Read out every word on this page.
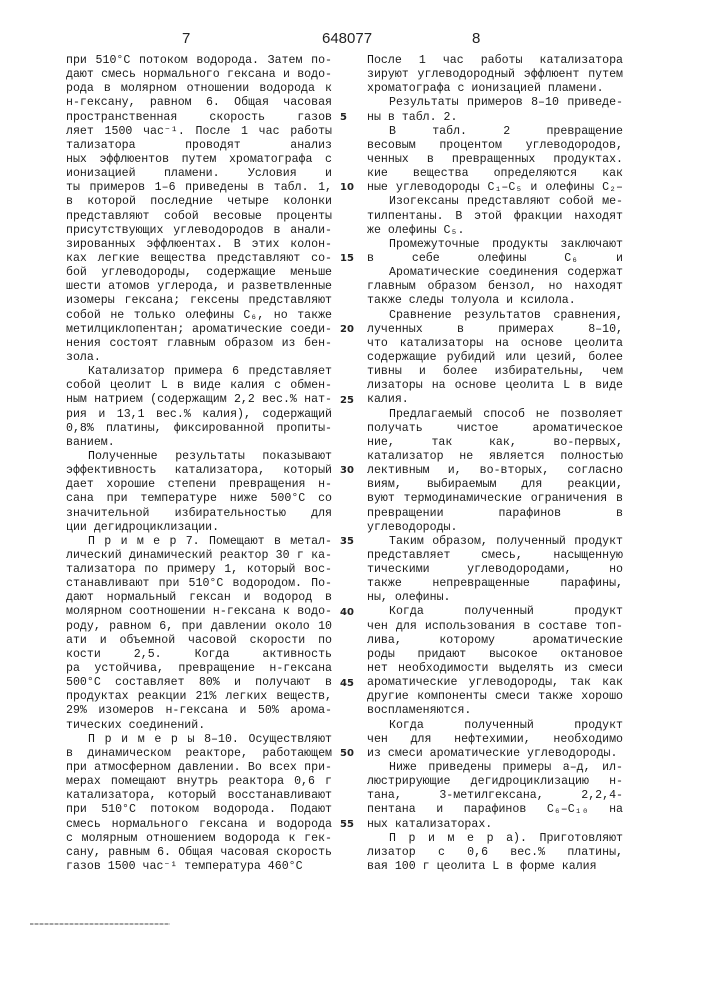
7	648077	8
при 510°C потоком водорода. Затем по-
дают смесь нормального гексана и водо-
рода в молярном отношении водорода к
н-гексану, равном 6. Общая часовая
пространственная скорость газов
ляет 1500 час⁻¹. После 1 час работы
тализатора проводят анализ
ных эффлюентов путем хроматографа с
ионизацией пламени. Условия и
ты примеров 1–6 приведены в табл. 1,
в которой последние четыре колонки
представляют собой весовые проценты
присутствующих углеводородов в анали-
зированных эффлюентах. В этих колон-
ках легкие вещества представляют со-
бой углеводороды, содержащие меньше
шести атомов углерода, и разветвленные
изомеры гексана; гексены представляют
собой не только олефины C₆, но также
метилциклопентан; ароматические соеди-
нения состоят главным образом из бен-
зола.
Катализатор примера 6 представляет
собой цеолит L в виде калия с обмен-
ным натрием (содержащим 2,2 вес.% нат-
рия и 13,1 вес.% калия), содержащий
0,8% платины, фиксированной пропиты-
ванием.
Полученные результаты показывают
эффективность катализатора, который
дает хорошие степени превращения н-
сана при температуре ниже 500°C со
значительной избирательностью для
ции дегидроциклизации.
П р и м е р 7. Помещают в метал-
лический динамический реактор 30 г ка-
тализатора по примеру 1, который вос-
станавливают при 510°C водородом. По-
дают нормальный гексан и водород в
молярном соотношении н-гексана к водо-
роду, равном 6, при давлении около 10
ати и объемной часовой скорости по
кости 2,5. Когда активность
ра устойчива, превращение н-гексана
500°C составляет 80% и получают в
продуктах реакции 21% легких веществ,
29% изомеров н-гексана и 50% арома-
тических соединений.
П р и м е р ы 8–10. Осуществляют
в динамическом реакторе, работающем
при атмосферном давлении. Во всех при-
мерах помещают внутрь реактора 0,6 г
катализатора, который восстанавливают
при 510°C потоком водорода. Подают
смесь нормального гексана и водорода
с молярным отношением водорода к гек-
сану, равным 6. Общая часовая скорость
газов 1500 час⁻¹ температура 460°C
После 1 час работы катализатора
зируют углеводородный эффлюент путем
хроматографа с ионизацией пламени.
Результаты примеров 8–10 приведе-
ны в табл. 2.
В табл. 2 превращение
весовым процентом углеводородов,
ченных в превращенных продуктах.
кие вещества определяются как
ные углеводороды C₁–C₅ и олефины C₂–
Изогексаны представляют собой ме-
тилпентаны. В этой фракции находят
же олефины C₅.
Промежуточные продукты заключают
в себе олефины C₆ и
Ароматические соединения содержат
главным образом бензол, но находят
также следы толуола и ксилола.
Сравнение результатов сравнения,
лученных в примерах 8–10,
что катализаторы на основе цеолита
содержащие рубидий или цезий, более
тивны и более избирательны, чем
лизаторы на основе цеолита L в виде
калия.
Предлагаемый способ не позволяет
получать чистое ароматическое
ние, так как, во-первых,
катализатор не является полностью
лективным и, во-вторых, согласно
виям, выбираемым для реакции,
вуют термодинамические ограничения в
превращении парафинов в
углеводороды.
Таким образом, полученный продукт
представляет смесь, насыщенную
тическими углеводородами, но
также непревращенные парафины,
ны, олефины.
Когда полученный продукт
чен для использования в составе топ-
лива, которому ароматические
роды придают высокое октановое
нет необходимости выделять из смеси
ароматические углеводороды, так как
другие компоненты смеси также хорошо
воспламеняются.
Когда полученный продукт
чен для нефтехимии, необходимо
из смеси ароматические углеводороды.
Ниже приведены примеры а–д, ил-
люстрирующие дегидроциклизацию н-
тана, 3-метилгексана, 2,2,4-
пентана и парафинов C₆–C₁₀ на
ных катализаторах.
П р и м е р а). Приготовляют
лизатор с 0,6 вес.% платины,
вая 100 г цеолита L в форме калия
5
10
15
20
25
30
35
40
45
50
55
